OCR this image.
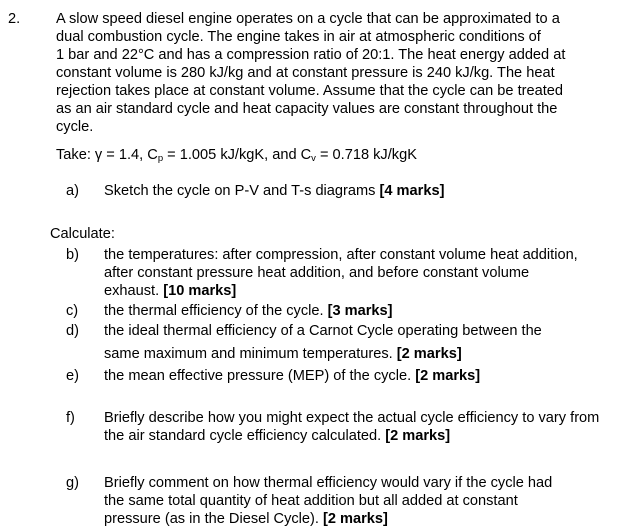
2. A slow speed diesel engine operates on a cycle that can be approximated to a
dual combustion cycle. The engine takes in air at atmospheric conditions of
1 bar and 22°C and has a compression ratio of 20:1. The heat energy added at
constant volume is 280 kJ/kg and at constant pressure is 240 kJ/kg. The heat
rejection takes place at constant volume. Assume that the cycle can be treated
as an air standard cycle and heat capacity values are constant throughout the
cycle.
Take: γ = 1.4, $C_p = 1.005$ kJ/kgK, and $C_v = 0.718$ kJ/kgK
a) Sketch the cycle on P-V and T-s diagrams [4 marks]
Calculate:
b) the temperatures: after compression, after constant volume heat addition,
after constant pressure heat addition, and before constant volume
exhaust. [10 marks]
c) the thermal efficiency of the cycle. [3 marks]
d) the ideal thermal efficiency of a Carnot Cycle operating between the
same maximum and minimum temperatures. [2 marks]
e) the mean effective pressure (MEP) of the cycle. [2 marks]
f) Briefly describe how you might expect the actual cycle efficiency to vary from
the air standard cycle efficiency calculated. [2 marks]
g) Briefly comment on how thermal efficiency would vary if the cycle had
the same total quantity of heat addition but all added at constant
pressure (as in the Diesel Cycle). [2 marks]
